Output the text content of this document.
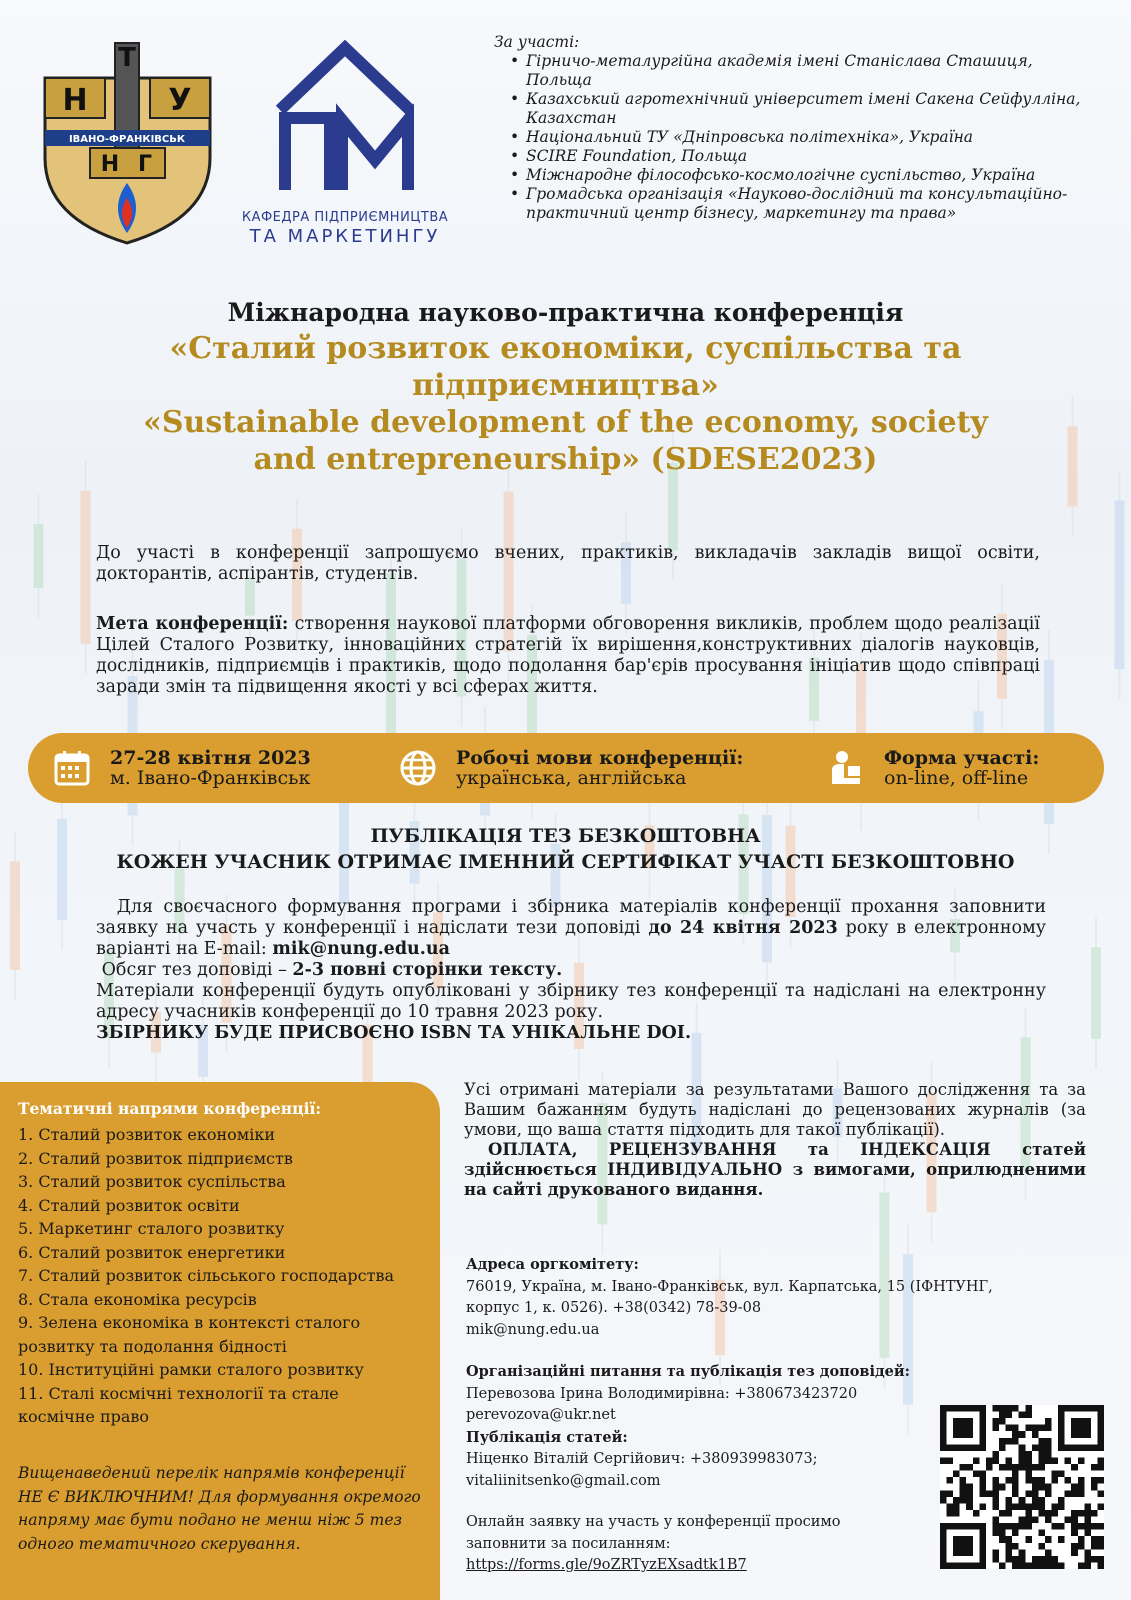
Н	У
Т
ІВАНО-ФРАНКІВСЬК
Н Г
КАФЕДРА ПІДПРИЄМНИЦТВА
ТА МАРКЕТИНГУ
За участі:
• Гірничо-металургійна академія імені Станіслава Сташиця, Польща
• Казахський агротехнічний університет імені Сакена Сейфулліна, Казахстан
• Національний ТУ «Дніпровська політехніка», Україна
• SCIRE Foundation, Польща
• Міжнародне філософсько-космологічне суспільство, Україна
• Громадська організація «Науково-дослідний та консультаційно-практичний центр бізнесу, маркетингу та права»
Міжнародна науково-практична конференція
«Сталий розвиток економіки, суспільства та
підприємництва»
«Sustainable development of the economy, society
and entrepreneurship» (SDESE2023)
До участі в конференції запрошуємо вчених, практиків, викладачів закладів вищої освіти, докторантів, аспірантів, студентів.
Мета конференції: створення наукової платформи обговорення викликів, проблем щодо реалізації Цілей Сталого Розвитку, інноваційних стратегій їх вирішення,конструктивних діалогів науковців, дослідників, підприємців і практиків, щодо подолання бар'єрів просування ініціатив щодо співпраці заради змін та підвищення якості у всі сферах життя.
27-28 квітня 2023
м. Івано-Франківськ
Робочі мови конференції:
українська, англійська
Форма участі:
on-line, off-line
ПУБЛІКАЦІЯ ТЕЗ БЕЗКОШТОВНА
КОЖЕН УЧАСНИК ОТРИМАЄ ІМЕННИЙ СЕРТИФІКАТ УЧАСТІ БЕЗКОШТОВНО

Для своєчасного формування програми і збірника матеріалів конференції прохання заповнити заявку на участь у конференції і надіслати тези доповіді до 24 квітня 2023 року в електронному варіанті на E-mail: mik@nung.edu.ua

Обсяг тез доповіді – 2-3 повні сторінки тексту.

Матеріали конференції будуть опубліковані у збірнику тез конференції та надіслані на електронну адресу учасників конференції до 10 травня 2023 року.

ЗБІРНИКУ БУДЕ ПРИСВОЄНО ISBN ТА УНІКАЛЬНЕ DOI.

Тематичні напрями конференції:
1. Сталий розвиток економіки
2. Сталий розвиток підприємств
3. Сталий розвиток суспільства
4. Сталий розвиток освіти
5. Маркетинг сталого розвитку
6. Сталий розвиток енергетики
7. Сталий розвиток сільського господарства
8. Стала економіка ресурсів
9. Зелена економіка в контексті сталого розвитку та подолання бідності
10. Інституційні рамки сталого розвитку
11. Сталі космічні технології та стале космічне право
Вищенаведений перелік напрямів конференції НЕ Є ВИКЛЮЧНИМ! Для формування окремого напряму має бути подано не менш ніж 5 тез одного тематичного скерування.

Усі отримані матеріали за результатами Вашого дослідження та за Вашим бажанням будуть надіслані до рецензованих журналів (за умови, що ваша стаття підходить для такої публікації).

ОПЛАТА, РЕЦЕНЗУВАННЯ та ІНДЕКСАЦІЯ статей здійснюється ІНДИВІДУАЛЬНО з вимогами, оприлюдненими на сайті друкованого видання.

Адреса оргкомітету:
76019, Україна, м. Івано-Франківськ, вул. Карпатська, 15 (ІФНТУНГ, корпус 1, к. 0526). +38(0342) 78-39-08
mik@nung.edu.ua
Організаційні питання та публікація тез доповідей:
Перевозова Ірина Володимирівна: +380673423720
perevozova@ukr.net
Публікація статей:
Ніценко Віталій Сергійович: +380939983073;
vitaliinitsenko@gmail.com
Онлайн заявку на участь у конференції просимо заповнити за посиланням:
https://forms.gle/9oZRTyzEXsadtk1B7
